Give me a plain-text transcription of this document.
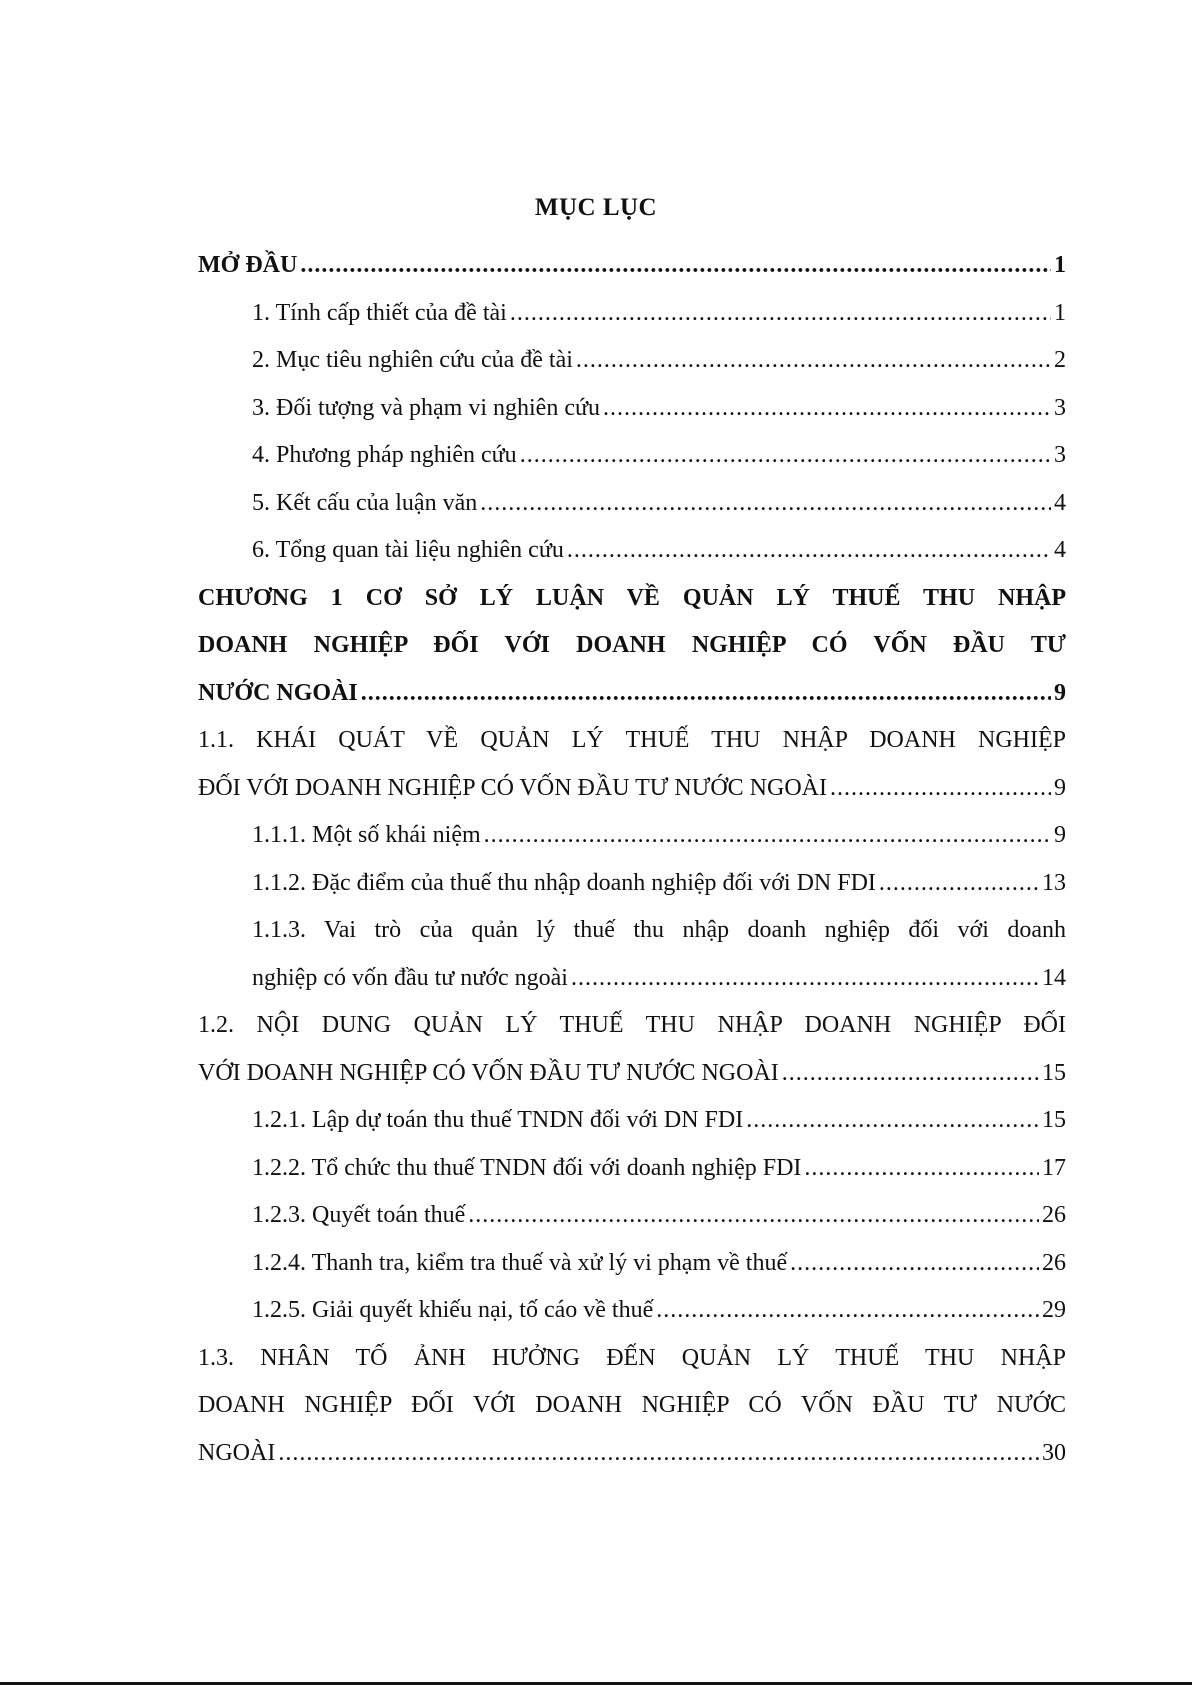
MỤC LỤC
MỞ ĐẦU .....	1
1. Tính cấp thiết của đề tài .....	1
2. Mục tiêu nghiên cứu của đề tài .....	2
3. Đối tượng và phạm vi nghiên cứu .....	3
4. Phương pháp nghiên cứu .....	3
5. Kết cấu của luận văn .....	4
6. Tổng quan tài liệu nghiên cứu .....	4
CHƯƠNG 1 CƠ SỞ LÝ LUẬN VỀ QUẢN LÝ THUẾ THU NHẬP
DOANH NGHIỆP ĐỐI VỚI DOANH NGHIỆP CÓ VỐN ĐẦU TƯ
NƯỚC NGOÀI .....	9
1.1. KHÁI QUÁT VỀ QUẢN LÝ THUẾ THU NHẬP DOANH NGHIỆP
ĐỐI VỚI DOANH NGHIỆP CÓ VỐN ĐẦU TƯ NƯỚC NGOÀI .....	9
1.1.1. Một số khái niệm .....	9
1.1.2. Đặc điểm của thuế thu nhập doanh nghiệp đối với DN FDI .....	13
1.1.3. Vai trò của quản lý thuế thu nhập doanh nghiệp đối với doanh
nghiệp có vốn đầu tư nước ngoài .....	14
1.2. NỘI DUNG QUẢN LÝ THUẾ THU NHẬP DOANH NGHIỆP ĐỐI
VỚI DOANH NGHIỆP CÓ VỐN ĐẦU TƯ NƯỚC NGOÀI .....	15
1.2.1. Lập dự toán thu thuế TNDN đối với DN FDI .....	15
1.2.2. Tổ chức thu thuế TNDN đối với doanh nghiệp FDI .....	17
1.2.3. Quyết toán thuế .....	26
1.2.4. Thanh tra, kiểm tra thuế và xử lý vi phạm về thuế .....	26
1.2.5. Giải quyết khiếu nại, tố cáo về thuế .....	29
1.3. NHÂN TỐ ẢNH HƯỞNG ĐẾN QUẢN LÝ THUẾ THU NHẬP
DOANH NGHIỆP ĐỐI VỚI DOANH NGHIỆP CÓ VỐN ĐẦU TƯ NƯỚC
NGOÀI .....	30
